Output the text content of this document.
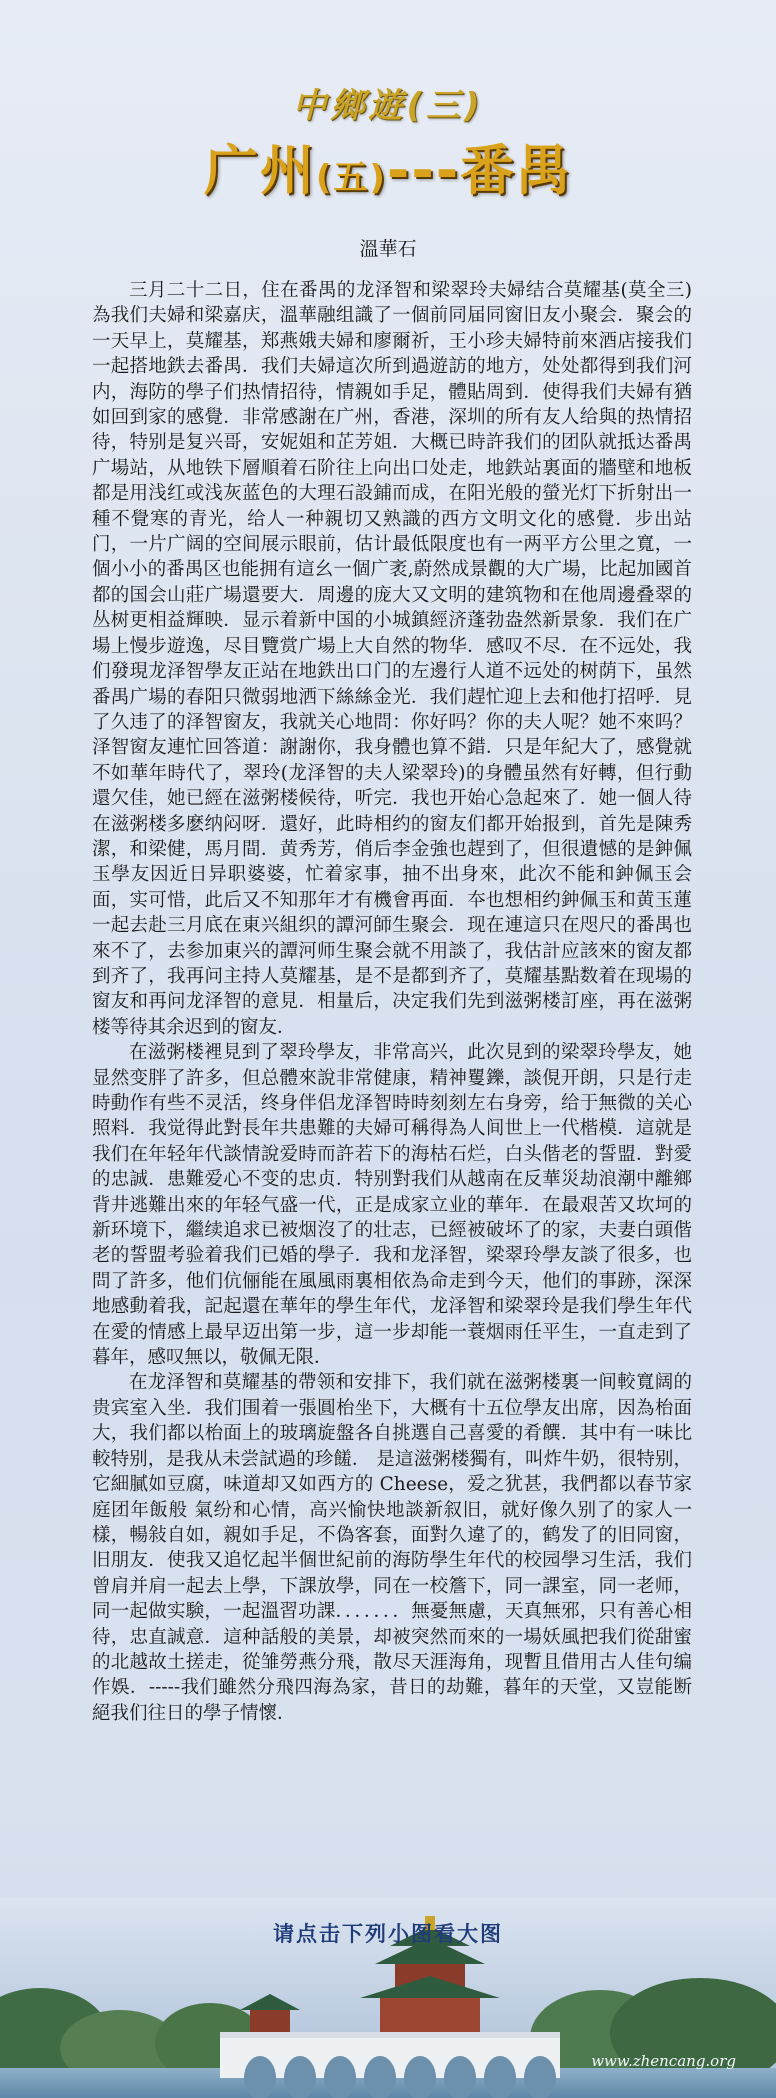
中鄉遊(三)
广州(五)---番禺
溫華石

三月二十二日，住在番禺的龙泽智和梁翠玲夫婦结合莫耀基(莫全三)為我们夫婦和梁嘉庆，溫華融组識了一個前同届同窗旧友小聚会．聚会的一天早上，莫耀基，郑燕娥夫婦和廖爾祈，王小珍夫婦特前來酒店接我们一起搭地鉄去番禺．我们夫婦這次所到過遊訪的地方，处处都得到我们河内，海防的學子们热情招待，情親如手足，體貼周到．使得我们夫婦有猶如回到家的感覺．非常感謝在广州，香港，深圳的所有友人给與的热情招待，特别是复兴哥，安妮姐和芷芳姐．大概已時許我们的团队就抵达番禺广場站，从地铁下層順着石阶往上向出口处走，地鉄站裏面的牆壁和地板都是用浅红或浅灰蓝色的大理石設鋪而成，在阳光般的螢光灯下折射出一種不覺寒的青光，给人一种親切又熟識的西方文明文化的感覺．步出站门，一片广阔的空间展示眼前，估计最低限度也有一两平方公里之寬，一個小小的番禺区也能拥有這幺一個广袤,蔚然成景觀的大广場，比起加國首都的国会山莊广場還要大．周邊的庞大又文明的建筑物和在他周邊叠翠的丛树更相益輝映．显示着新中国的小城鎮經济蓬勃盎然新景象．我们在广場上慢步遊逸，尽目覽赏广場上大自然的物华．感叹不尽．在不远处，我们發現龙泽智學友正站在地鉄出口门的左邊行人道不远处的树荫下，虽然番禺广場的春阳只微弱地洒下絲絲金光．我们趕忙迎上去和他打招呼．見了久违了的泽智窗友，我就关心地問：你好吗？你的夫人呢？她不來吗？泽智窗友連忙回答道：謝謝你，我身體也算不錯．只是年紀大了，感覺就不如華年時代了，翠玲(龙泽智的夫人梁翠玲)的身體虽然有好轉，但行動還欠佳，她已經在滋粥楼候待，听完．我也开始心急起來了．她一個人待在滋粥楼多麽纳闷呀．還好，此時相约的窗友们都开始报到，首先是陳秀潔，和梁健，馬月間．黄秀芳，俏后李金強也趕到了，但很遺憾的是鈡佩玉學友因近日异职婆婆，忙着家事，抽不出身來，此次不能和鈡佩玉会面，实可惜，此后又不知那年才有機會再面．夲也想相约鈡佩玉和黄玉蓮一起去赴三月底在東兴組织的譚河師生聚会．现在連這只在咫尺的番禺也來不了，去参加東兴的譚河师生聚会就不用談了，我估計应該來的窗友都到齐了，我再问主持人莫耀基，是不是都到齐了，莫耀基點数着在现場的窗友和再问龙泽智的意見．相量后，决定我们先到滋粥楼訂座，再在滋粥楼等待其余迟到的窗友．

在滋粥楼裡見到了翠玲學友，非常高兴，此次見到的梁翠玲學友，她显然变胖了許多，但总體來說非常健康，精神矍鑠，談俔开朗，只是行走時動作有些不灵活，终身伴侣龙泽智時時刻刻左右身旁，给于無微的关心照料．我觉得此對長年共患難的夫婦可稱得為人间世上一代楷模．這就是我们在年轻年代談情說爱時而許若下的海枯石烂，白头偕老的誓盟．對愛的忠誠．患難爱心不变的忠贞．特别對我们从越南在反華災劫浪潮中離鄉背井逃難出來的年轻气盛一代，正是成家立业的華年．在最艰苦又坎坷的新环境下，繼续追求已被烟沒了的壮志，已經被破坏了的家，夫妻白頭偕老的誓盟考验着我们已婚的學子．我和龙泽智，梁翠玲學友談了很多，也問了許多，他们伉俪能在風風雨裏相依為命走到今天，他们的事跡，深深地感動着我，記起還在華年的學生年代，龙泽智和梁翠玲是我们學生年代在愛的情感上最早迈出第一步，這一步却能一蓑烟雨任平生，一直走到了暮年，感叹無以，敬佩无限．

在龙泽智和莫耀基的帶领和安排下，我们就在滋粥楼裏一间較寬阔的贵宾室入坐．我们围着一張圓枱坐下，大概有十五位學友出席，因為枱面大，我们都以枱面上的玻璃旋盤各自挑選自己喜愛的肴饌．其中有一味比較特别，是我从未尝試過的珍饈． 是這滋粥楼獨有，叫炸牛奶，很特别，它細膩如豆腐，味道却又如西方的 Cheese，爱之犹甚，我們都以春节家庭团年飯般 氣纷和心情，高兴愉快地談新叙旧，就好像久别了的家人一樣，暢敍自如，親如手足，不偽客套，面對久違了的，鹤发了的旧同窗，旧朋友．使我又追忆起半個世紀前的海防學生年代的校园學习生活，我们曾肩并肩一起去上學，下課放學，同在一校簷下，同一課室，同一老师，同一起做实験，一起溫習功課．．．．．．．無憂無慮，天真無邪，只有善心相待，忠直誠意．這种話般的美景，却被突然而來的一場妖風把我们從甜蜜的北越故土搓走，從雏勞燕分飛，散尽天涯海角，现暫且借用古人佳句编作娛．-----我们雖然分飛四海為家，昔日的劫難，暮年的天堂，又豈能断絕我们往日的學子情懷．

请点击下列小图看大图
www.zhencang.org
